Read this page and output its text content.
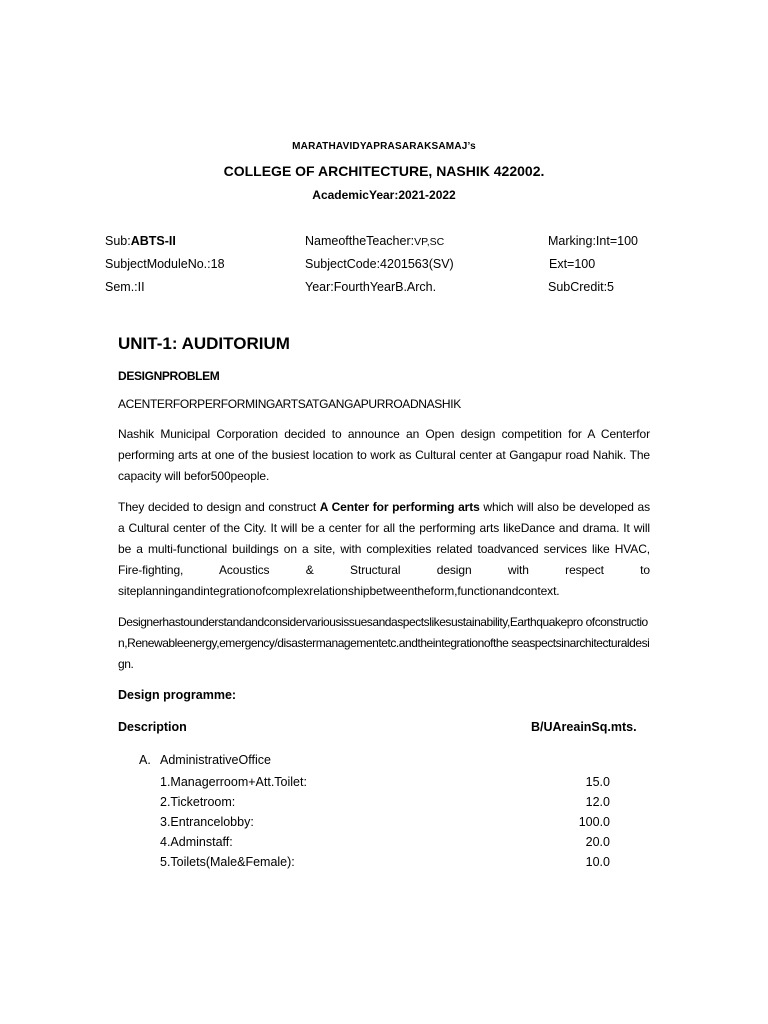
MARATHAVIDYAPRASARAKSAMAJ’s
COLLEGE OF ARCHITECTURE, NASHIK 422002.
AcademicYear:2021-2022
Sub:ABTS-II	NameoftheTeacher:VP,SC	Marking:Int=100
SubjectModuleNo.:18	SubjectCode:4201563(SV)	Ext=100
Sem.:II	Year:FourthYearB.Arch.	SubCredit:5
UNIT-1: AUDITORIUM
DESIGNPROBLEM
ACENTERFORPERFORMINGARTSATGANGAPURROADNASHIK
Nashik Municipal Corporation decided to announce an Open design competition for A Centerfor performing arts at one of the busiest location to work as Cultural center at Gangapur road Nahik. The capacity will befor500people.
They decided to design and construct A Center for performing arts which will also be developed as a Cultural center of the City. It will be a center for all the performing arts likeDance and drama. It will be a multi-functional buildings on a site, with complexities related toadvanced services like HVAC, Fire-fighting, Acoustics & Structural design with respect to siteplanningandintegrationofcomplexrelationshipbetweentheform,functionandcontext.
Designerhastounderstandandconsidervariousissuesandaspectslikesustainability,Earthquakepro ofconstruction,Renewableenergy,emergency/disastermanagementetc.andtheintegrationofthe seaspectsinarchitecturaldesign.
Design programme:
Description	B/UAreainSq.mts.
A. AdministrativeOffice
1.Managerroom+Att.Toilet:	15.0
2.Ticketroom:	12.0
3.Entrancelobby:	100.0
4.Adminstaff:	20.0
5.Toilets(Male&Female):	10.0
